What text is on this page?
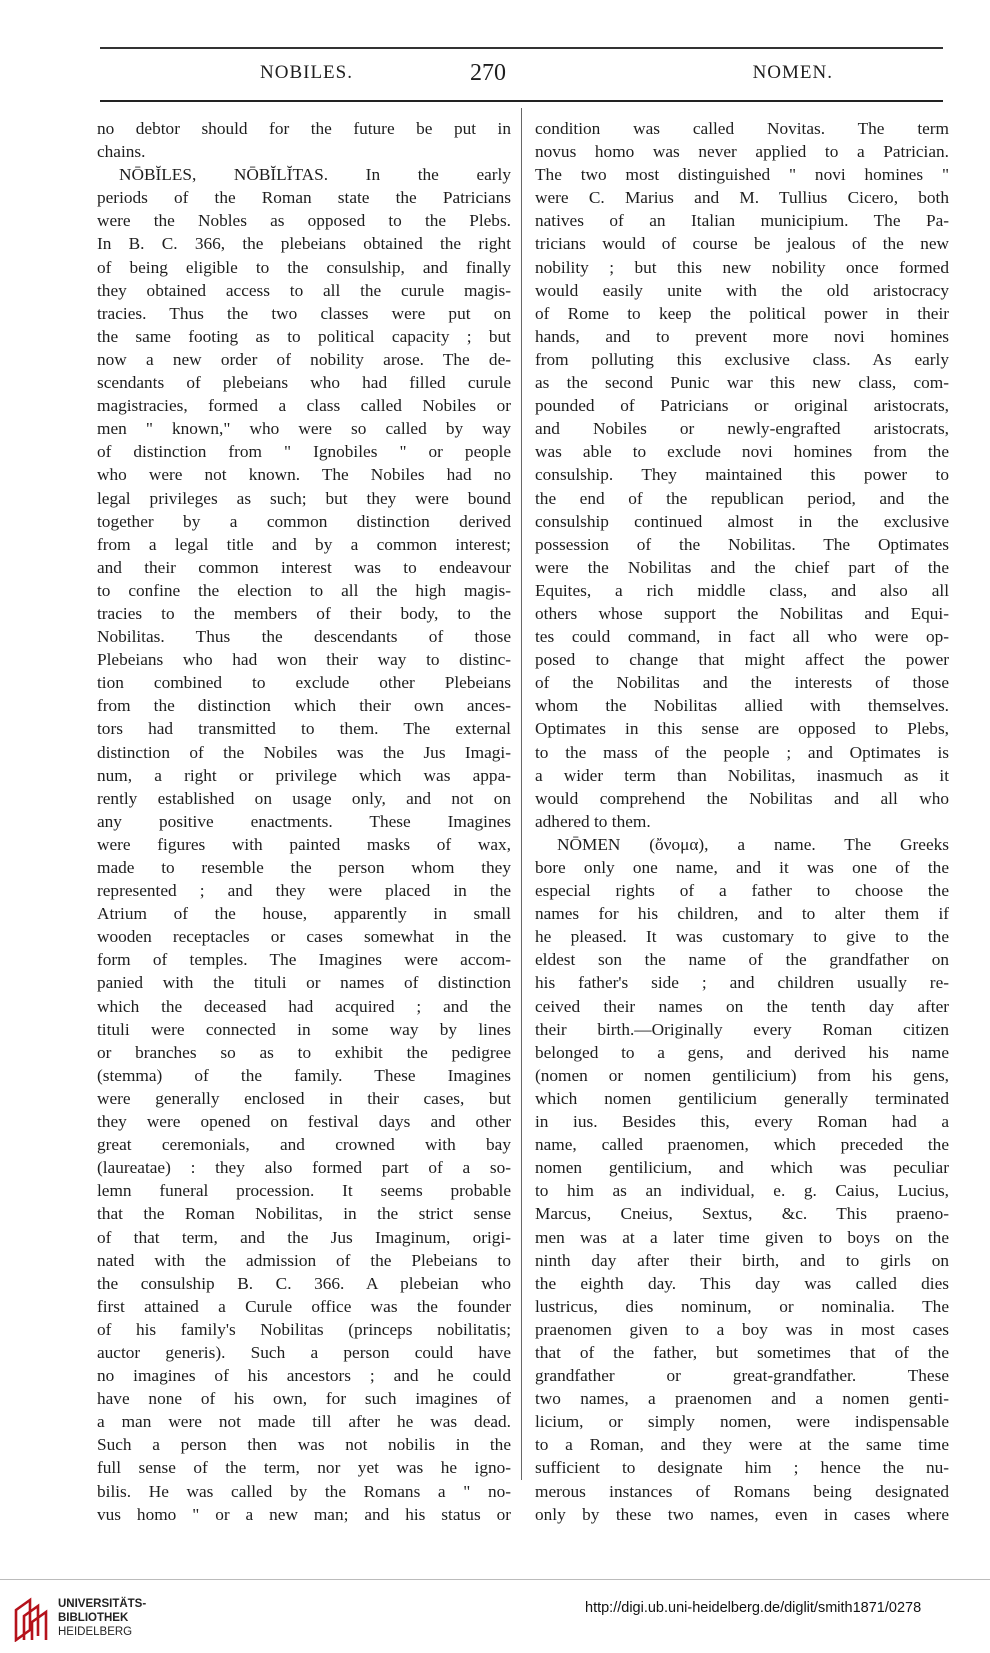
NOBILES.	270	NOMEN.
no debtor should for the future be put in
chains.
NŌBĬLES, NŌBĬLĬTAS. In the early
periods of the Roman state the Patricians
were the Nobles as opposed to the Plebs.
In B. C. 366, the plebeians obtained the right
of being eligible to the consulship, and finally
they obtained access to all the curule magis-
tracies. Thus the two classes were put on
the same footing as to political capacity ; but
now a new order of nobility arose. The de-
scendants of plebeians who had filled curule
magistracies, formed a class called Nobiles or
men " known," who were so called by way
of distinction from " Ignobiles " or people
who were not known. The Nobiles had no
legal privileges as such; but they were bound
together by a common distinction derived
from a legal title and by a common interest;
and their common interest was to endeavour
to confine the election to all the high magis-
tracies to the members of their body, to the
Nobilitas. Thus the descendants of those
Plebeians who had won their way to distinc-
tion combined to exclude other Plebeians
from the distinction which their own ances-
tors had transmitted to them. The external
distinction of the Nobiles was the Jus Imagi-
num, a right or privilege which was appa-
rently established on usage only, and not on
any positive enactments. These Imagines
were figures with painted masks of wax,
made to resemble the person whom they
represented ; and they were placed in the
Atrium of the house, apparently in small
wooden receptacles or cases somewhat in the
form of temples. The Imagines were accom-
panied with the tituli or names of distinction
which the deceased had acquired ; and the
tituli were connected in some way by lines
or branches so as to exhibit the pedigree
(stemma) of the family. These Imagines
were generally enclosed in their cases, but
they were opened on festival days and other
great ceremonials, and crowned with bay
(laureatae) : they also formed part of a so-
lemn funeral procession. It seems probable
that the Roman Nobilitas, in the strict sense
of that term, and the Jus Imaginum, origi-
nated with the admission of the Plebeians to
the consulship B. C. 366. A plebeian who
first attained a Curule office was the founder
of his family's Nobilitas (princeps nobilitatis;
auctor generis). Such a person could have
no imagines of his ancestors ; and he could
have none of his own, for such imagines of
a man were not made till after he was dead.
Such a person then was not nobilis in the
full sense of the term, nor yet was he igno-
bilis. He was called by the Romans a " no-
vus homo " or a new man; and his status or
condition was called Novitas. The term
novus homo was never applied to a Patrician.
The two most distinguished " novi homines "
were C. Marius and M. Tullius Cicero, both
natives of an Italian municipium. The Pa-
tricians would of course be jealous of the new
nobility ; but this new nobility once formed
would easily unite with the old aristocracy
of Rome to keep the political power in their
hands, and to prevent more novi homines
from polluting this exclusive class. As early
as the second Punic war this new class, com-
pounded of Patricians or original aristocrats,
and Nobiles or newly-engrafted aristocrats,
was able to exclude novi homines from the
consulship. They maintained this power to
the end of the republican period, and the
consulship continued almost in the exclusive
possession of the Nobilitas. The Optimates
were the Nobilitas and the chief part of the
Equites, a rich middle class, and also all
others whose support the Nobilitas and Equi-
tes could command, in fact all who were op-
posed to change that might affect the power
of the Nobilitas and the interests of those
whom the Nobilitas allied with themselves.
Optimates in this sense are opposed to Plebs,
to the mass of the people ; and Optimates is
a wider term than Nobilitas, inasmuch as it
would comprehend the Nobilitas and all who
adhered to them.
NŌMEN (ὄνομα), a name. The Greeks
bore only one name, and it was one of the
especial rights of a father to choose the
names for his children, and to alter them if
he pleased. It was customary to give to the
eldest son the name of the grandfather on
his father's side ; and children usually re-
ceived their names on the tenth day after
their birth.—Originally every Roman citizen
belonged to a gens, and derived his name
(nomen or nomen gentilicium) from his gens,
which nomen gentilicium generally terminated
in ius. Besides this, every Roman had a
name, called praenomen, which preceded the
nomen gentilicium, and which was peculiar
to him as an individual, e. g. Caius, Lucius,
Marcus, Cneius, Sextus, &c. This praeno-
men was at a later time given to boys on the
ninth day after their birth, and to girls on
the eighth day. This day was called dies
lustricus, dies nominum, or nominalia. The
praenomen given to a boy was in most cases
that of the father, but sometimes that of the
grandfather or great-grandfather. These
two names, a praenomen and a nomen genti-
licium, or simply nomen, were indispensable
to a Roman, and they were at the same time
sufficient to designate him ; hence the nu-
merous instances of Romans being designated
only by these two names, even in cases where
UNIVERSITÄTS-
BIBLIOTHEK
HEIDELBERG
http://digi.ub.uni-heidelberg.de/diglit/smith1871/0278
